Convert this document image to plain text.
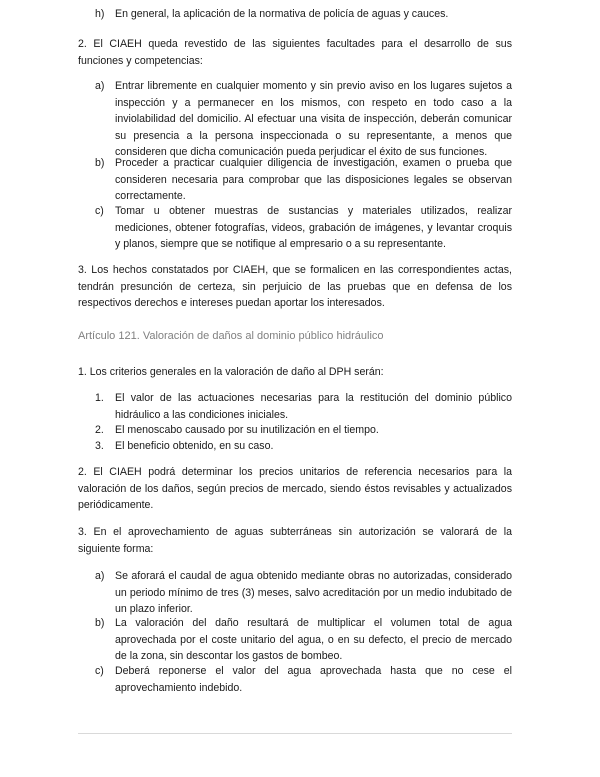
h) En general, la aplicación de la normativa de policía de aguas y cauces.
2. El CIAEH queda revestido de las siguientes facultades para el desarrollo de sus funciones y competencias:
a) Entrar libremente en cualquier momento y sin previo aviso en los lugares sujetos a inspección y a permanecer en los mismos, con respeto en todo caso a la inviolabilidad del domicilio. Al efectuar una visita de inspección, deberán comunicar su presencia a la persona inspeccionada o su representante, a menos que consideren que dicha comunicación pueda perjudicar el éxito de sus funciones.
b) Proceder a practicar cualquier diligencia de investigación, examen o prueba que consideren necesaria para comprobar que las disposiciones legales se observan correctamente.
c)	Tomar u obtener muestras de sustancias y materiales utilizados, realizar mediciones, obtener fotografías, videos, grabación de imágenes, y levantar croquis y planos, siempre que se notifique al empresario o a su representante.
3. Los hechos constatados por CIAEH, que se formalicen en las correspondientes actas, tendrán presunción de certeza, sin perjuicio de las pruebas que en defensa de los respectivos derechos e intereses puedan aportar los interesados.
Artículo 121. Valoración de daños al dominio público hidráulico
1. Los criterios generales en la valoración de daño al DPH serán:
1.	El valor de las actuaciones necesarias para la restitución del dominio público hidráulico a las condiciones iniciales.
2.	El menoscabo causado por su inutilización en el tiempo.
3.	El beneficio obtenido, en su caso.
2. El CIAEH podrá determinar los precios unitarios de referencia necesarios para la valoración de los daños, según precios de mercado, siendo éstos revisables y actualizados periódicamente.
3. En el aprovechamiento de aguas subterráneas sin autorización se valorará de la siguiente forma:
a) Se aforará el caudal de agua obtenido mediante obras no autorizadas, considerado un periodo mínimo de tres (3) meses, salvo acreditación por un medio indubitado de un plazo inferior.
b) La valoración del daño resultará de multiplicar el volumen total de agua aprovechada por el coste unitario del agua, o en su defecto, el precio de mercado de la zona, sin descontar los gastos de bombeo.
c)	Deberá reponerse el valor del agua aprovechada hasta que no cese el aprovechamiento indebido.
